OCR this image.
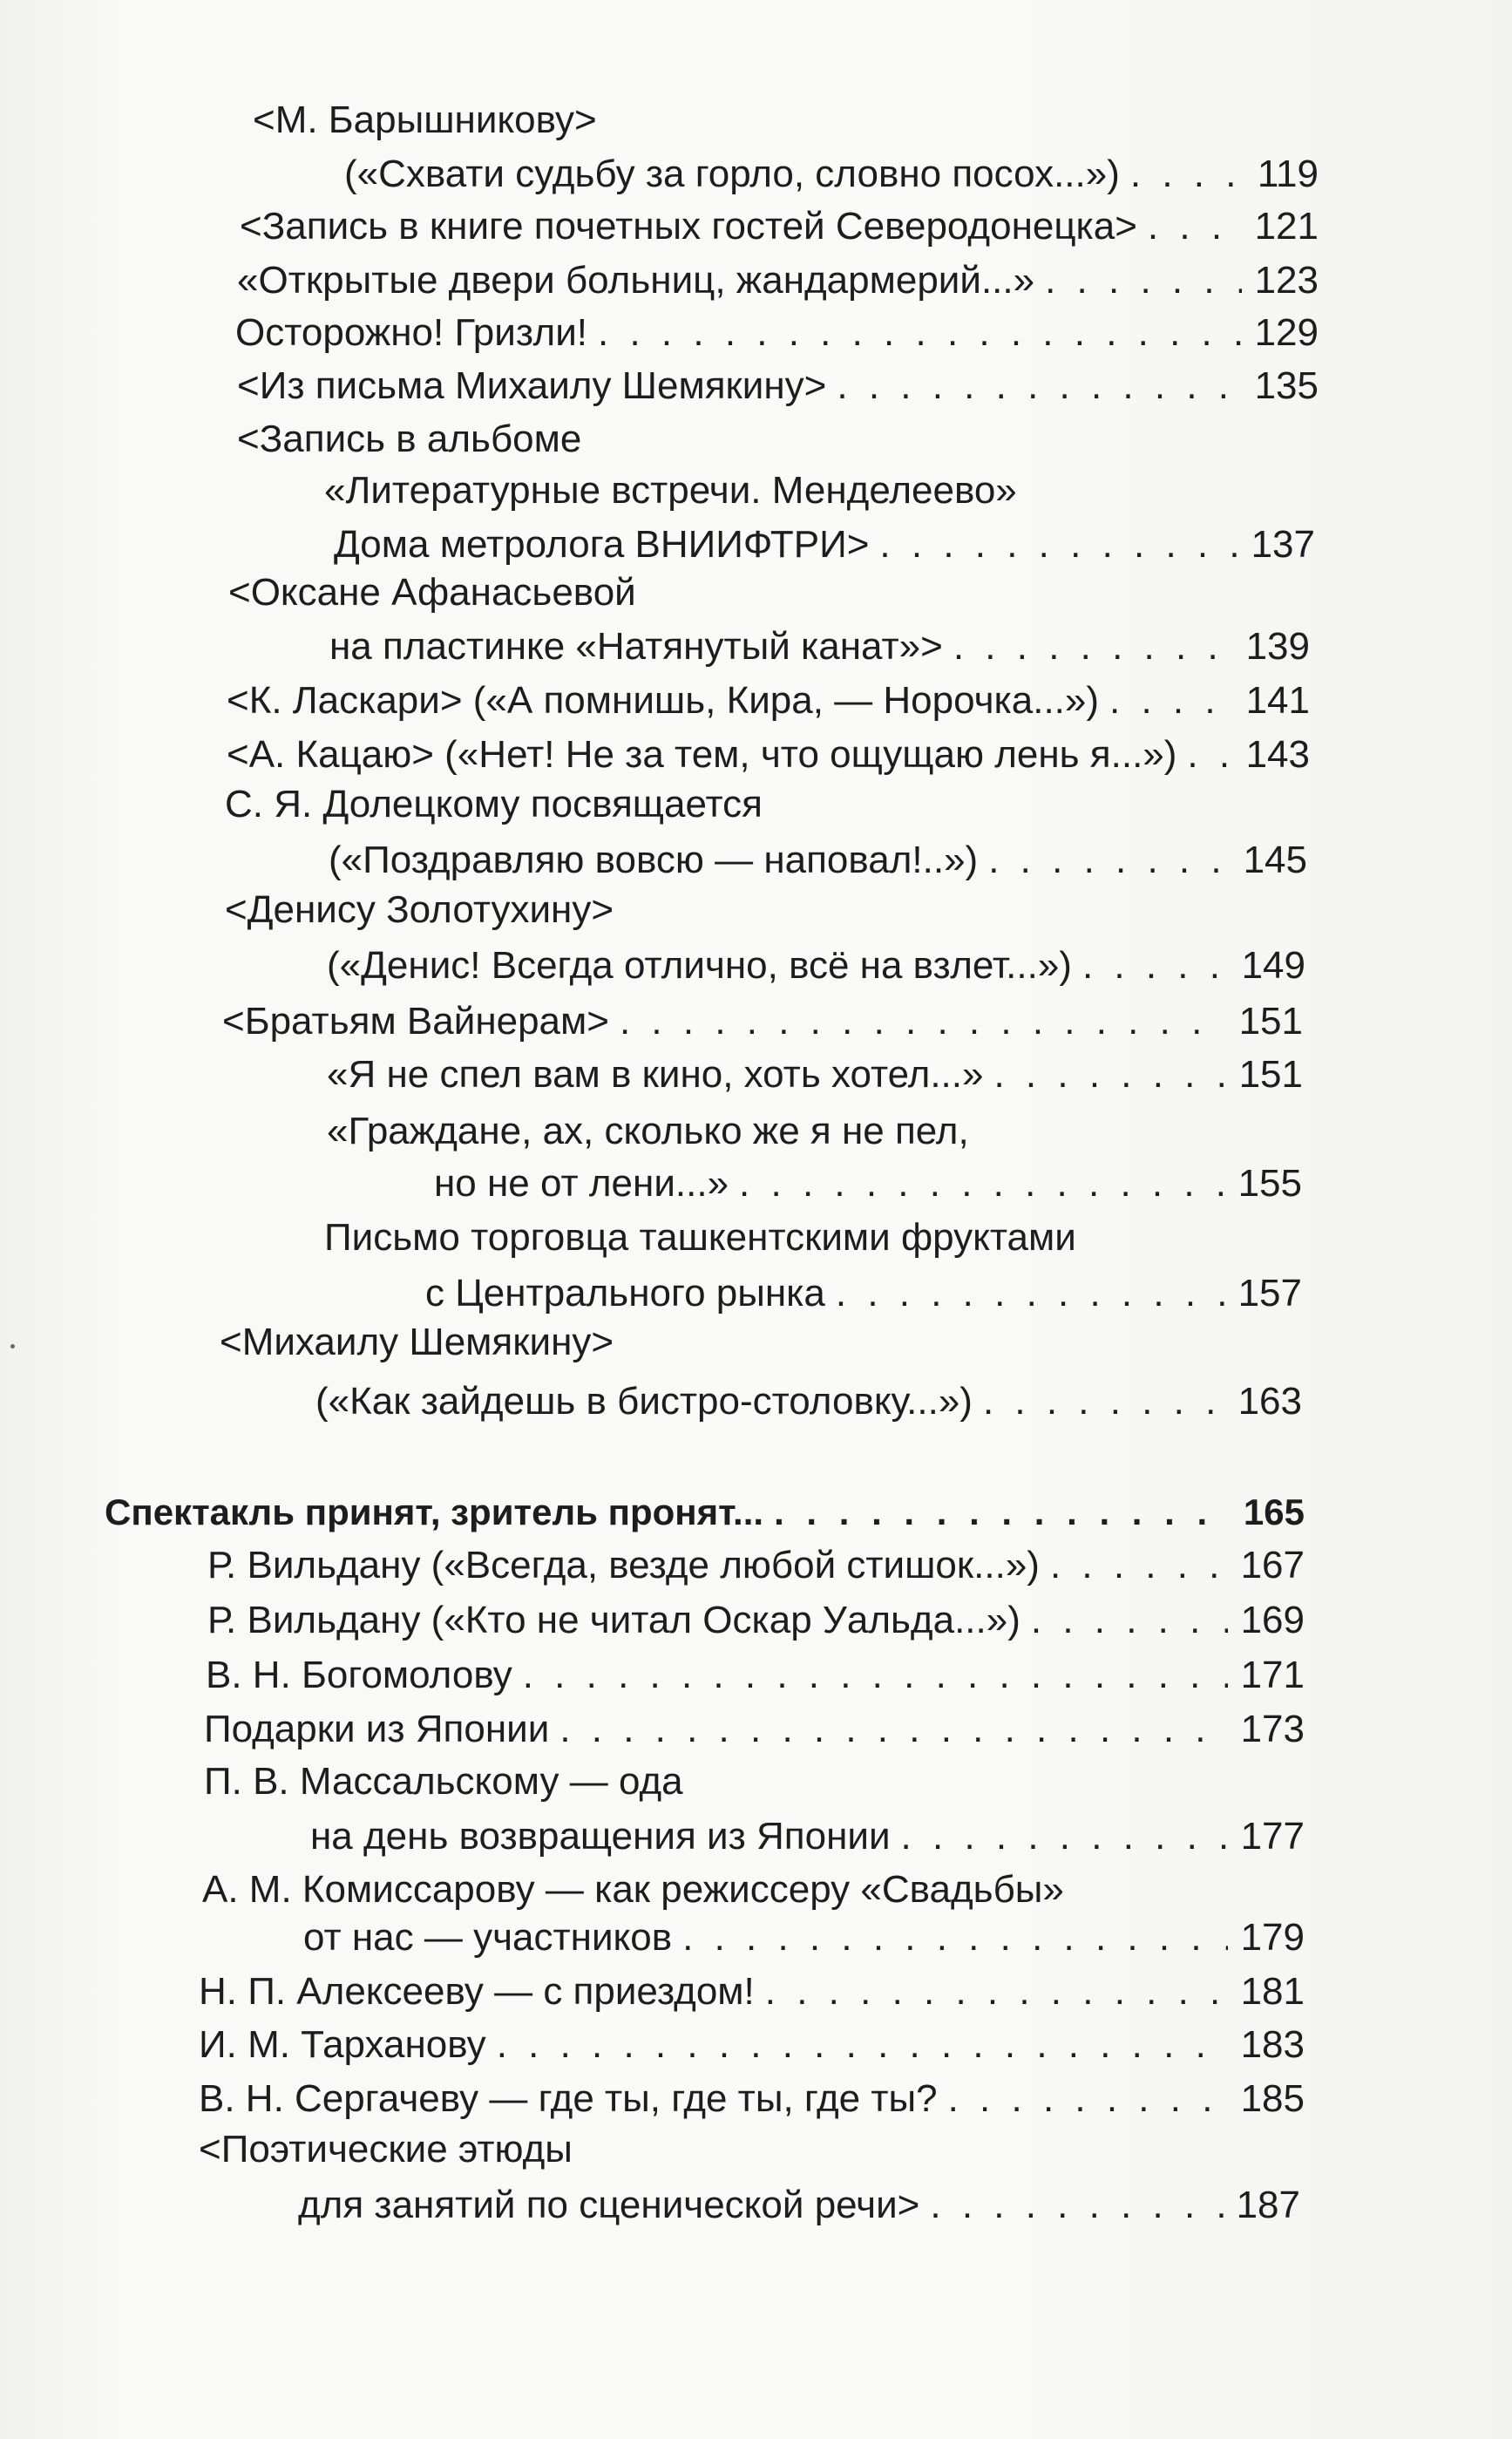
<М. Барышникову>
(«Схвати судьбу за горло, словно посох...») . . .	119
<Запись в книге почетных гостей Северодонецка> . . .	121
«Открытые двери больниц, жандармерий...» . . .	123
Осторожно! Гризли! . . .	129
<Из письма Михаилу Шемякину> . . .	135
<Запись в альбоме
«Литературные встречи. Менделеево»
Дома метролога ВНИИФТРИ> . . .	137
<Оксане Афанасьевой
на пластинке «Натянутый канат»> . . .	139
<К. Ласкари> («А помнишь, Кира, — Норочка...») . . .	141
<А. Кацаю> («Нет! Не за тем, что ощущаю лень я...») . . . 143
С. Я. Долецкому посвящается
(«Поздравляю вовсю — наповал!..») . . .	145
<Денису Золотухину>
(«Денис! Всегда отлично, всё на взлет...») . . .	149
<Братьям Вайнерам> . . .	151
«Я не спел вам в кино, хоть хотел...» . . .	151
«Граждане, ах, сколько же я не пел,
но не от лени...» . . .	155
Письмо торговца ташкентскими фруктами
с Центрального рынка . . .	157
<Михаилу Шемякину>
(«Как зайдешь в бистро-столовку...») . . .	163
Спектакль принят, зритель пронят... . . .	165
Р. Вильдану («Всегда, везде любой стишок...») . . .	167
Р. Вильдану («Кто не читал Оскар Уальда...») . . .	169
В. Н. Богомолову . . .	171
Подарки из Японии . . .	173
П. В. Массальскому — ода
на день возвращения из Японии . . .	177
А. М. Комиссарову — как режиссеру «Свадьбы»
от нас — участников . . .	179
Н. П. Алексееву — с приездом! . . .	181
И. М. Тарханову . . .	183
В. Н. Сергачеву — где ты, где ты, где ты? . . .	185
<Поэтические этюды
для занятий по сценической речи> . . .	187
